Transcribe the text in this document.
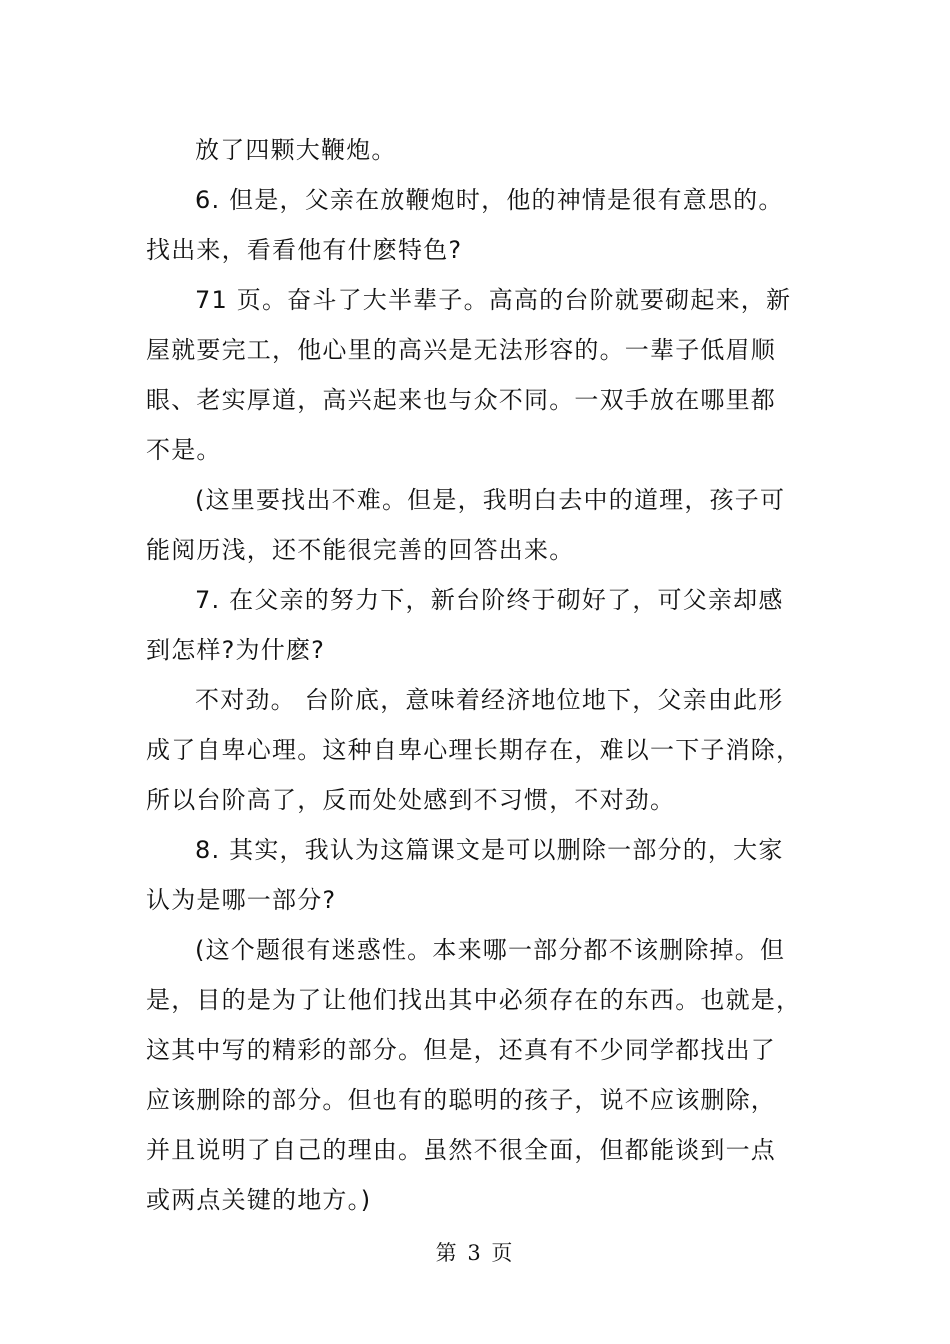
放了四颗大鞭炮。
6. 但是，父亲在放鞭炮时，他的神情是很有意思的。
找出来，看看他有什麽特色?
71 页。奋斗了大半辈子。高高的台阶就要砌起来，新
屋就要完工，他心里的高兴是无法形容的。一辈子低眉顺
眼、老实厚道，高兴起来也与众不同。一双手放在哪里都
不是。
(这里要找出不难。但是，我明白去中的道理，孩子可
能阅历浅，还不能很完善的回答出来。
7. 在父亲的努力下，新台阶终于砌好了，可父亲却感
到怎样?为什麽?
不对劲。 台阶底，意味着经济地位地下，父亲由此形
成了自卑心理。这种自卑心理长期存在，难以一下子消除，
所以台阶高了，反而处处感到不习惯，不对劲。
8. 其实，我认为这篇课文是可以删除一部分的，大家
认为是哪一部分?
(这个题很有迷惑性。本来哪一部分都不该删除掉。但
是，目的是为了让他们找出其中必须存在的东西。也就是，
这其中写的精彩的部分。但是，还真有不少同学都找出了
应该删除的部分。但也有的聪明的孩子，说不应该删除，
并且说明了自己的理由。虽然不很全面，但都能谈到一点
或两点关键的地方。)
第 3 页
